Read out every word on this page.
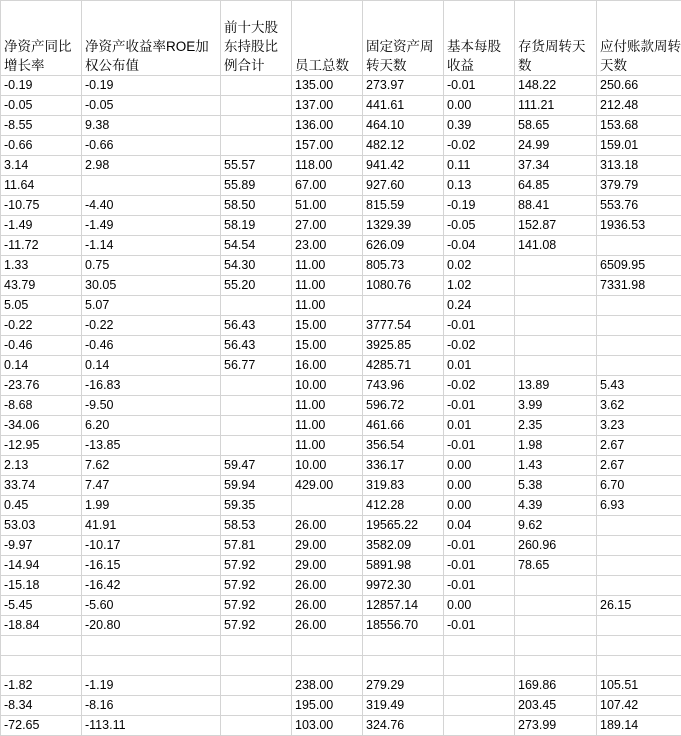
净资产同比增长率	净资产收益率ROE加权公布值	前十大股东持股比例合计	员工总数	固定资产周转天数	基本每股收益	存货周转天数	应付账款周转天数
-0.19	-0.19		135.00	273.97	-0.01	148.22	250.66
-0.05	-0.05		137.00	441.61	0.00	111.21	212.48
-8.55	9.38		136.00	464.10	0.39	58.65	153.68
-0.66	-0.66		157.00	482.12	-0.02	24.99	159.01
3.14	2.98	55.57	118.00	941.42	0.11	37.34	313.18
11.64		55.89	67.00	927.60	0.13	64.85	379.79
-10.75	-4.40	58.50	51.00	815.59	-0.19	88.41	553.76
-1.49	-1.49	58.19	27.00	1329.39	-0.05	152.87	1936.53
-11.72	-1.14	54.54	23.00	626.09	-0.04	141.08	
1.33	0.75	54.30	11.00	805.73	0.02		6509.95
43.79	30.05	55.20	11.00	1080.76	1.02		7331.98
5.05	5.07		11.00		0.24		
-0.22	-0.22	56.43	15.00	3777.54	-0.01		
-0.46	-0.46	56.43	15.00	3925.85	-0.02		
0.14	0.14	56.77	16.00	4285.71	0.01		
-23.76	-16.83		10.00	743.96	-0.02	13.89	5.43
-8.68	-9.50		11.00	596.72	-0.01	3.99	3.62
-34.06	6.20		11.00	461.66	0.01	2.35	3.23
-12.95	-13.85		11.00	356.54	-0.01	1.98	2.67
2.13	7.62	59.47	10.00	336.17	0.00	1.43	2.67
33.74	7.47	59.94	429.00	319.83	0.00	5.38	6.70
0.45	1.99	59.35		412.28	0.00	4.39	6.93
53.03	41.91	58.53	26.00	19565.22	0.04	9.62	
-9.97	-10.17	57.81	29.00	3582.09	-0.01	260.96	
-14.94	-16.15	57.92	29.00	5891.98	-0.01	78.65	
-15.18	-16.42	57.92	26.00	9972.30	-0.01		
-5.45	-5.60	57.92	26.00	12857.14	0.00		26.15
-18.84	-20.80	57.92	26.00	18556.70	-0.01		

-1.82	-1.19		238.00	279.29		169.86	105.51
-8.34	-8.16		195.00	319.49		203.45	107.42
-72.65	-113.11		103.00	324.76		273.99	189.14
